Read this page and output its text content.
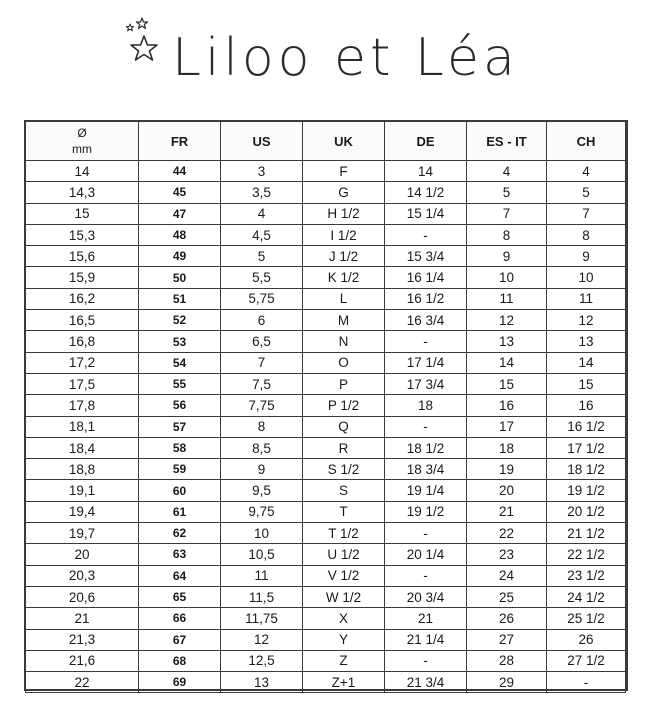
Liloo et Léa
Ø
mm	FR	US	UK	DE	ES - IT	CH
14	44	3	F	14	4	4
14,3	45	3,5	G	14 1/2	5	5
15	47	4	H 1/2	15 1/4	7	7
15,3	48	4,5	I 1/2	-	8	8
15,6	49	5	J 1/2	15 3/4	9	9
15,9	50	5,5	K 1/2	16 1/4	10	10
16,2	51	5,75	L	16 1/2	11	11
16,5	52	6	M	16 3/4	12	12
16,8	53	6,5	N	-	13	13
17,2	54	7	O	17 1/4	14	14
17,5	55	7,5	P	17 3/4	15	15
17,8	56	7,75	P 1/2	18	16	16
18,1	57	8	Q	-	17	16 1/2
18,4	58	8,5	R	18 1/2	18	17 1/2
18,8	59	9	S 1/2	18 3/4	19	18 1/2
19,1	60	9,5	S	19 1/4	20	19 1/2
19,4	61	9,75	T	19 1/2	21	20 1/2
19,7	62	10	T 1/2	-	22	21 1/2
20	63	10,5	U 1/2	20 1/4	23	22 1/2
20,3	64	11	V 1/2	-	24	23 1/2
20,6	65	11,5	W 1/2	20 3/4	25	24 1/2
21	66	11,75	X	21	26	25 1/2
21,3	67	12	Y	21 1/4	27	26
21,6	68	12,5	Z	-	28	27 1/2
22	69	13	Z+1	21 3/4	29	-
